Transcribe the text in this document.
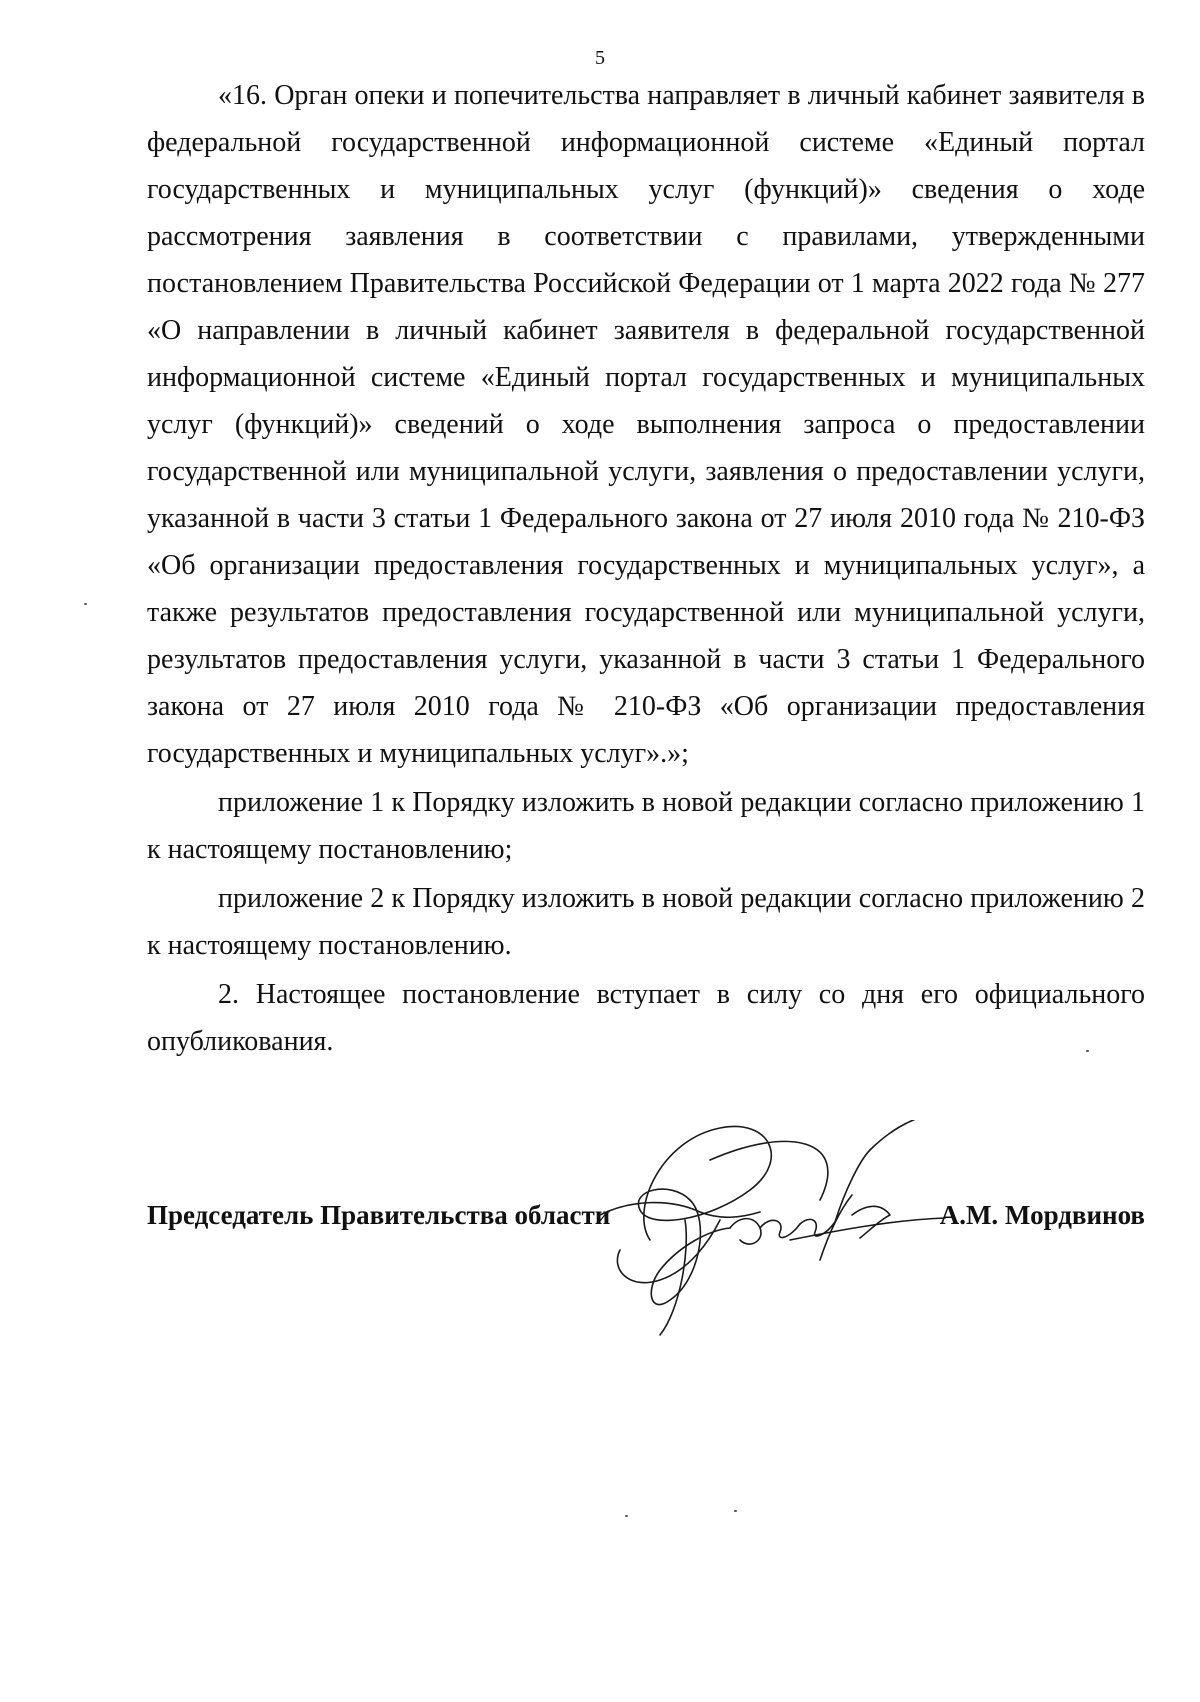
5

«16. Орган опеки и попечительства направляет в личный кабинет заявителя в федеральной государственной информационной системе «Единый портал государственных и муниципальных услуг (функций)» сведения о ходе рассмотрения заявления в соответствии с правилами, утвержденными постановлением Правительства Российской Федерации от 1 марта 2022 года № 277 «О направлении в личный кабинет заявителя в федеральной государственной информационной системе «Единый портал государственных и муниципальных услуг (функций)» сведений о ходе выполнения запроса о предоставлении государственной или муниципальной услуги, заявления о предоставлении услуги, указанной в части 3 статьи 1 Федерального закона от 27 июля 2010 года № 210-ФЗ «Об организации предоставления государственных и муниципальных услуг», а также результатов предоставления государственной или муниципальной услуги, результатов предоставления услуги, указанной в части 3 статьи 1 Федерального закона от 27 июля 2010 года № 210-ФЗ «Об организации предоставления государственных и муниципальных услуг».»;

приложение 1 к Порядку изложить в новой редакции согласно приложению 1 к настоящему постановлению;

приложение 2 к Порядку изложить в новой редакции согласно приложению 2 к настоящему постановлению.

2. Настоящее постановление вступает в силу со дня его официального опубликования.

Председатель Правительства области	А.М. Мордвинов
